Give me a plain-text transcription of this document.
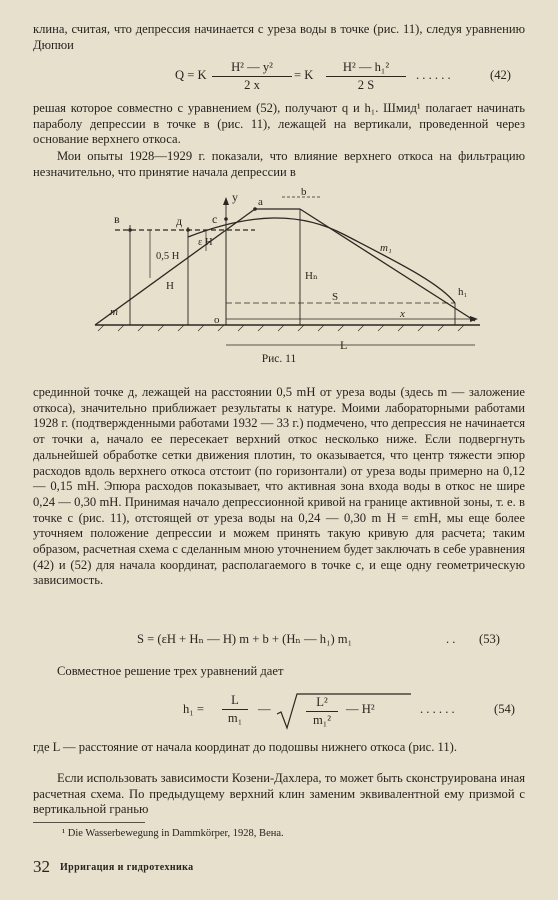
клина, считая, что депрессия начинается с уреза воды в точке (рис. 11), следуя уравнению Дюпюи
Q = K
H² — y²
2 x
= K
H² — h₁²
2 S
. . . . . .	(42)
решая которое совместно с уравнением (52), получают q и h₁. Шмид¹ полагает начинать параболу депрессии в точке в (рис. 11), лежащей на вертикали, проведенной через основание верхнего откоса.
Мои опыты 1928—1929 г. показали, что влияние верхнего откоса на фильтрацию незначительно, что принятие начала депрессии в
в	д с
у а
b
0,5 H
ε H
H
Hₙ
S	h₁
m
m₁
o	x
L
Рис. 11
срединной точке д, лежащей на расстоянии 0,5 mH от уреза воды (здесь m — заложение откоса), значительно приближает результаты к натуре. Моими лабораторными работами 1928 г. (подтвержденными работами 1932 — 33 г.) подмечено, что депрессия не начинается от точки а, начало ее пересекает верхний откос несколько ниже. Если подвергнуть дальнейшей обработке сетки движения плотин, то оказывается, что центр тяжести эпюр расходов вдоль верхнего откоса отстоит (по горизонтали) от уреза воды примерно на 0,12 — 0,15 mH. Эпюра расходов показывает, что активная зона входа воды в откос не шире 0,24 — 0,30 mH. Принимая начало депрессионной кривой на границе активной зоны, т. е. в точке с (рис. 11), отстоящей от уреза воды на 0,24 — 0,30 m H = εmH, мы еще более уточняем положение депрессии и можем принять такую кривую для расчета; таким образом, расчетная схема с сделанным мною уточнением будет заключать в себе уравнения (42) и (52) для начала координат, располагаемого в точке с, и еще одну геометрическую зависимость.
S = (εH + Hₙ — H) m + b + (Hₙ — h₁) m₁	. . (53)
Совместное решение трех уравнений дает
h₁ =
L
m₁
—	L²
m₁²
— H²	. . . . . .	(54)
где L — расстояние от начала координат до подошвы нижнего откоса (рис. 11).
Если использовать зависимости Козени-Дахлера, то может быть сконструирована иная расчетная схема. По предыдущему верхний клин заменим эквивалентной ему призмой с вертикальной гранью
¹ Die Wasserbewegung in Dammkörper, 1928, Вена.
32 Ирригация и гидротехника
